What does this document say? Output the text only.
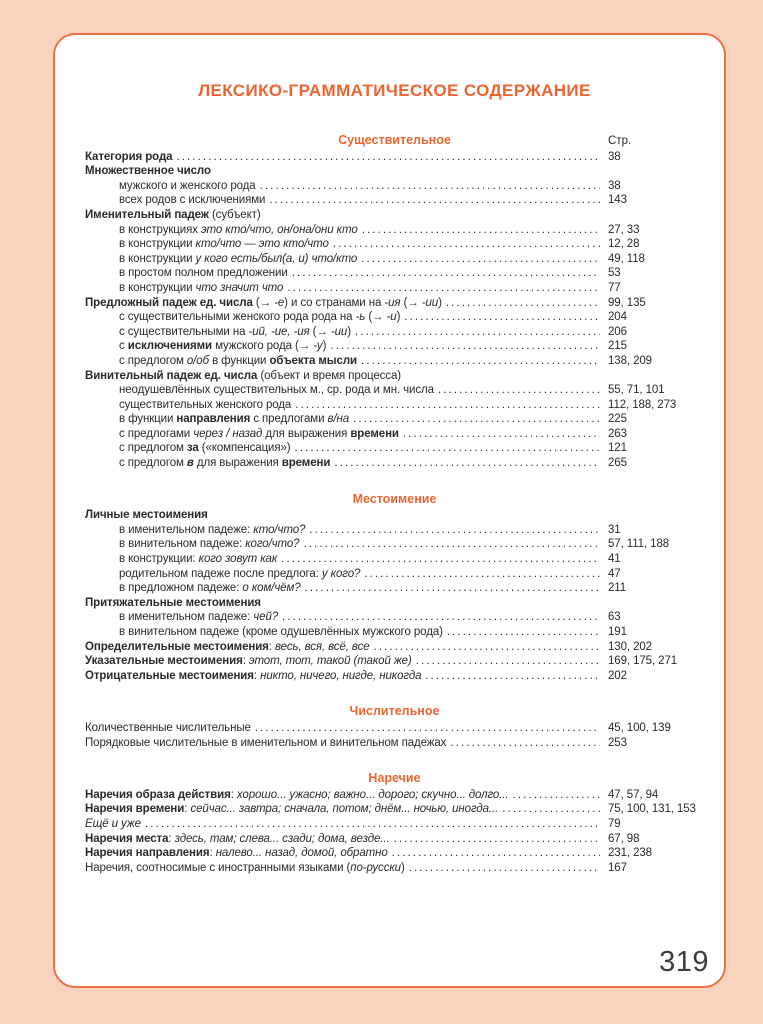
ЛЕКСИКО-ГРАММАТИЧЕСКОЕ СОДЕРЖАНИЕ
Существительное	Стр.
Категория рода .....	38
Множественное число
мужского и женского рода .....	38
всех родов с исключениями .....	143
Именительный падеж (субъект)
в конструкциях это кто/что, он/она/они кто .....	27, 33
в конструкции кто/что — это кто/что .....	12, 28
в конструкции у кого есть/был(а, и) что/кто .....	49, 118
в простом полном предложении .....	53
в конструкции что значит что .....	77
Предложный падеж ед. числа (→ -е) и со странами на -ия (→ -ии) .....	99, 135
с существительными женского рода рода на -ь (→ -и) .....	204
с существительными на -ий, -ие, -ия (→ -ии) .....	206
с исключениями мужского рода (→ -у) .....	215
с предлогом о/об в функции объекта мысли .....	138, 209
Винительный падеж ед. числа (объект и время процесса)
неодушевлённых существительных м., ср. рода и мн. числа .....	55, 71, 101
существительных женского рода .....	112, 188, 273
в функции направления с предлогами в/на .....	225
с предлогами через / назад для выражения времени .....	263
с предлогом за («компенсация») .....	121
с предлогом в для выражения времени .....	265
Местоимение
Личные местоимения
в именительном падеже: кто/что? .....	31
в винительном падеже: кого/что? .....	57, 111, 188
в конструкции: кого зовут как .....	41
родительном падеже после предлога: у кого? .....	47
в предложном падеже: о ком/чём? .....	211
Притяжательные местоимения
в именительном падеже: чей? .....	63
в винительном падеже (кроме одушевлённых мужского рода) .....	191
Определительные местоимения: весь, вся, всё, все .....	130, 202
Указательные местоимения: этот, тот, такой (такой же) .....	169, 175, 271
Отрицательные местоимения: никто, ничего, нигде, никогда .....	202
Числительное
Количественные числительные .....	45, 100, 139
Порядковые числительные в именительном и винительном падежах .....	253
Наречие
Наречия образа действия: хорошо... ужасно; важно... дорого; скучно... долго... .....	47, 57, 94
Наречия времени: сейчас... завтра; сначала, потом; днём... ночью, иногда... .....	75, 100, 131, 153
Ещё и уже .....	79
Наречия места: здесь, там; слева... сзади; дома, везде... .....	67, 98
Наречия направления: налево... назад, домой, обратно .....	231, 238
Наречия, соотносимые с иностранными языками (по-русски) .....	167
319
